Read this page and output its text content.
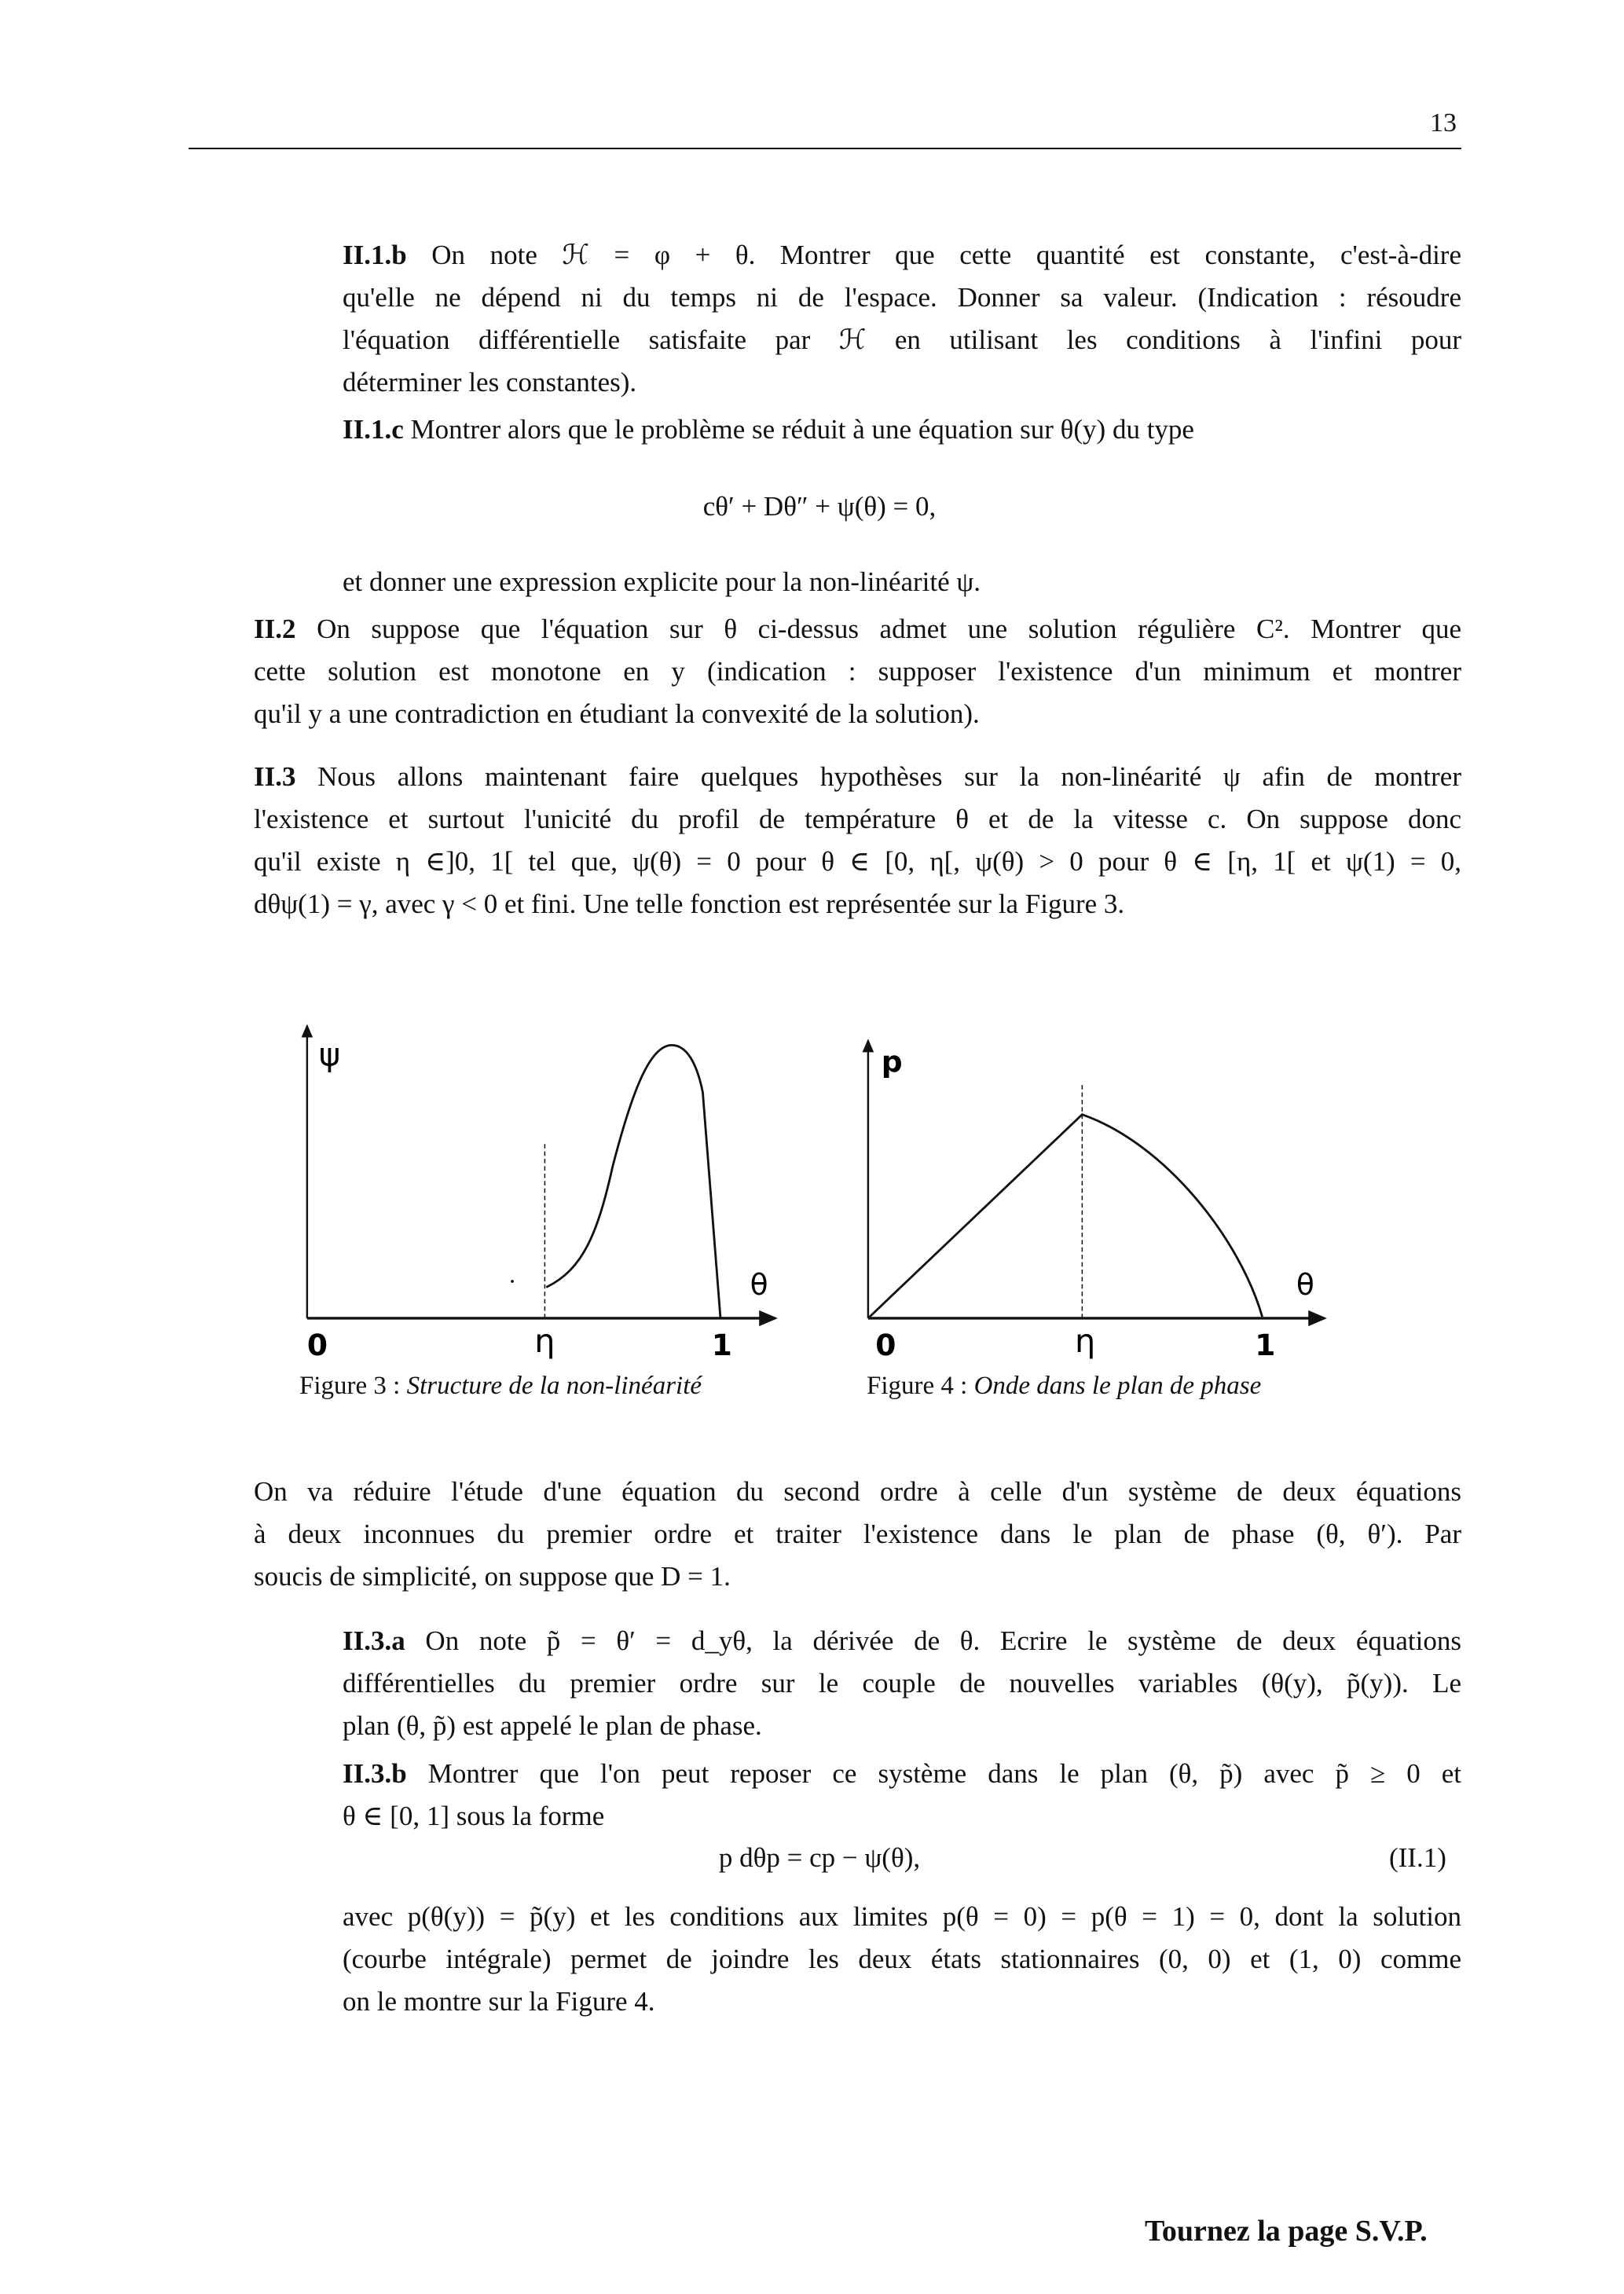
13
II.1.b On note ℋ = φ + θ. Montrer que cette quantité est constante, c'est-à-dire
qu'elle ne dépend ni du temps ni de l'espace. Donner sa valeur. (Indication : résoudre
l'équation différentielle satisfaite par ℋ en utilisant les conditions à l'infini pour
déterminer les constantes).
II.1.c Montrer alors que le problème se réduit à une équation sur θ(y) du type
cθ′ + Dθ″ + ψ(θ) = 0,
et donner une expression explicite pour la non-linéarité ψ.
II.2 On suppose que l'équation sur θ ci-dessus admet une solution régulière C². Montrer que
cette solution est monotone en y (indication : supposer l'existence d'un minimum et montrer
qu'il y a une contradiction en étudiant la convexité de la solution).
II.3 Nous allons maintenant faire quelques hypothèses sur la non-linéarité ψ afin de montrer
l'existence et surtout l'unicité du profil de température θ et de la vitesse c. On suppose donc
qu'il existe η ∈]0, 1[ tel que, ψ(θ) = 0 pour θ ∈ [0, η[, ψ(θ) > 0 pour θ ∈ [η, 1[ et ψ(1) = 0,
dθψ(1) = γ, avec γ < 0 et fini. Une telle fonction est représentée sur la Figure 3.
On va réduire l'étude d'une équation du second ordre à celle d'un système de deux équations
à deux inconnues du premier ordre et traiter l'existence dans le plan de phase (θ, θ′). Par
soucis de simplicité, on suppose que D = 1.
II.3.a On note p̃ = θ′ = d_yθ, la dérivée de θ. Ecrire le système de deux équations
différentielles du premier ordre sur le couple de nouvelles variables (θ(y), p̃(y)). Le
plan (θ, p̃) est appelé le plan de phase.
II.3.b Montrer que l'on peut reposer ce système dans le plan (θ, p̃) avec p̃ ≥ 0 et
θ ∈ [0, 1] sous la forme
p dθp = cp − ψ(θ),	(II.1)
avec p(θ(y)) = p̃(y) et les conditions aux limites p(θ = 0) = p(θ = 1) = 0, dont la solution
(courbe intégrale) permet de joindre les deux états stationnaires (0, 0) et (1, 0) comme
on le montre sur la Figure 4.
ψ
θ
0	η	1
p
θ
0	η	1
Figure 3 : Structure de la non-linéarité	Figure 4 : Onde dans le plan de phase
Tournez la page S.V.P.
